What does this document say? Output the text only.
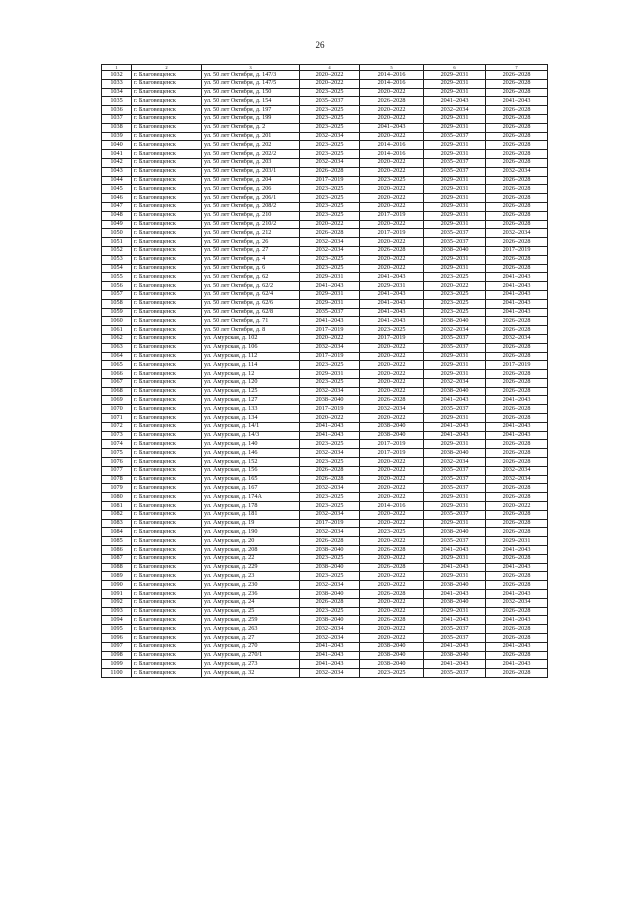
26
1	2	3	4	5	6	7
1032	г. Благовещенск	ул. 50 лет Октября, д. 147/3	2020–2022	2014–2016	2029–2031	2026–2028
1033	г. Благовещенск	ул. 50 лет Октября, д. 147/5	2020–2022	2014–2016	2029–2031	2026–2028
1034	г. Благовещенск	ул. 50 лет Октября, д. 150	2023–2025	2020–2022	2029–2031	2026–2028
1035	г. Благовещенск	ул. 50 лет Октября, д. 154	2035–2037	2026–2028	2041–2043	2041–2043
1036	г. Благовещенск	ул. 50 лет Октября, д. 197	2023–2025	2020–2022	2032–2034	2026–2028
1037	г. Благовещенск	ул. 50 лет Октября, д. 199	2023–2025	2020–2022	2029–2031	2026–2028
1038	г. Благовещенск	ул. 50 лет Октября, д. 2	2023–2025	2041–2043	2029–2031	2026–2028
1039	г. Благовещенск	ул. 50 лет Октября, д. 201	2032–2034	2020–2022	2035–2037	2026–2028
1040	г. Благовещенск	ул. 50 лет Октября, д. 202	2023–2025	2014–2016	2029–2031	2026–2028
1041	г. Благовещенск	ул. 50 лет Октября, д. 202/2	2023–2025	2014–2016	2029–2031	2026–2028
1042	г. Благовещенск	ул. 50 лет Октября, д. 203	2032–2034	2020–2022	2035–2037	2026–2028
1043	г. Благовещенск	ул. 50 лет Октября, д. 203/1	2026–2028	2020–2022	2035–2037	2032–2034
1044	г. Благовещенск	ул. 50 лет Октября, д. 204	2017–2019	2023–2025	2029–2031	2026–2028
1045	г. Благовещенск	ул. 50 лет Октября, д. 206	2023–2025	2020–2022	2029–2031	2026–2028
1046	г. Благовещенск	ул. 50 лет Октября, д. 206/1	2023–2025	2020–2022	2029–2031	2026–2028
1047	г. Благовещенск	ул. 50 лет Октября, д. 208/2	2023–2025	2020–2022	2029–2031	2026–2028
1048	г. Благовещенск	ул. 50 лет Октября, д. 210	2023–2025	2017–2019	2029–2031	2026–2028
1049	г. Благовещенск	ул. 50 лет Октября, д. 210/2	2020–2022	2020–2022	2029–2031	2026–2028
1050	г. Благовещенск	ул. 50 лет Октября, д. 212	2026–2028	2017–2019	2035–2037	2032–2034
1051	г. Благовещенск	ул. 50 лет Октября, д. 26	2032–2034	2020–2022	2035–2037	2026–2028
1052	г. Благовещенск	ул. 50 лет Октября, д. 27	2032–2034	2026–2028	2038–2040	2017–2019
1053	г. Благовещенск	ул. 50 лет Октября, д. 4	2023–2025	2020–2022	2029–2031	2026–2028
1054	г. Благовещенск	ул. 50 лет Октября, д. 6	2023–2025	2020–2022	2029–2031	2026–2028
1055	г. Благовещенск	ул. 50 лет Октября, д. 62	2029–2031	2041–2043	2023–2025	2041–2043
1056	г. Благовещенск	ул. 50 лет Октября, д. 62/2	2041–2043	2029–2031	2020–2022	2041–2043
1057	г. Благовещенск	ул. 50 лет Октября, д. 62/4	2029–2031	2041–2043	2023–2025	2041–2043
1058	г. Благовещенск	ул. 50 лет Октября, д. 62/6	2029–2031	2041–2043	2023–2025	2041–2043
1059	г. Благовещенск	ул. 50 лет Октября, д. 62/8	2035–2037	2041–2043	2023–2025	2041–2043
1060	г. Благовещенск	ул. 50 лет Октября, д. 71	2041–2043	2041–2043	2038–2040	2026–2028
1061	г. Благовещенск	ул. 50 лет Октября, д. 8	2017–2019	2023–2025	2032–2034	2026–2028
1062	г. Благовещенск	ул. Амурская, д. 102	2020–2022	2017–2019	2035–2037	2032–2034
1063	г. Благовещенск	ул. Амурская, д. 106	2032–2034	2020–2022	2035–2037	2026–2028
1064	г. Благовещенск	ул. Амурская, д. 112	2017–2019	2020–2022	2029–2031	2026–2028
1065	г. Благовещенск	ул. Амурская, д. 114	2023–2025	2020–2022	2029–2031	2017–2019
1066	г. Благовещенск	ул. Амурская, д. 12	2029–2031	2020–2022	2029–2031	2026–2028
1067	г. Благовещенск	ул. Амурская, д. 120	2023–2025	2020–2022	2032–2034	2026–2028
1068	г. Благовещенск	ул. Амурская, д. 125	2032–2034	2020–2022	2038–2040	2026–2028
1069	г. Благовещенск	ул. Амурская, д. 127	2038–2040	2026–2028	2041–2043	2041–2043
1070	г. Благовещенск	ул. Амурская, д. 133	2017–2019	2032–2034	2035–2037	2026–2028
1071	г. Благовещенск	ул. Амурская, д. 134	2020–2022	2020–2022	2029–2031	2026–2028
1072	г. Благовещенск	ул. Амурская, д. 14/1	2041–2043	2038–2040	2041–2043	2041–2043
1073	г. Благовещенск	ул. Амурская, д. 14/3	2041–2043	2038–2040	2041–2043	2041–2043
1074	г. Благовещенск	ул. Амурская, д. 140	2023–2025	2017–2019	2029–2031	2026–2028
1075	г. Благовещенск	ул. Амурская, д. 146	2032–2034	2017–2019	2038–2040	2026–2028
1076	г. Благовещенск	ул. Амурская, д. 152	2023–2025	2020–2022	2032–2034	2026–2028
1077	г. Благовещенск	ул. Амурская, д. 156	2026–2028	2020–2022	2035–2037	2032–2034
1078	г. Благовещенск	ул. Амурская, д. 165	2026–2028	2020–2022	2035–2037	2032–2034
1079	г. Благовещенск	ул. Амурская, д. 167	2032–2034	2020–2022	2035–2037	2026–2028
1080	г. Благовещенск	ул. Амурская, д. 174А	2023–2025	2020–2022	2029–2031	2026–2028
1081	г. Благовещенск	ул. Амурская, д. 178	2023–2025	2014–2016	2029–2031	2020–2022
1082	г. Благовещенск	ул. Амурская, д. 181	2032–2034	2020–2022	2035–2037	2026–2028
1083	г. Благовещенск	ул. Амурская, д. 19	2017–2019	2020–2022	2029–2031	2026–2028
1084	г. Благовещенск	ул. Амурская, д. 190	2032–2034	2023–2025	2038–2040	2026–2028
1085	г. Благовещенск	ул. Амурская, д. 20	2026–2028	2020–2022	2035–2037	2029–2031
1086	г. Благовещенск	ул. Амурская, д. 208	2038–2040	2026–2028	2041–2043	2041–2043
1087	г. Благовещенск	ул. Амурская, д. 22	2023–2025	2020–2022	2029–2031	2026–2028
1088	г. Благовещенск	ул. Амурская, д. 229	2038–2040	2026–2028	2041–2043	2041–2043
1089	г. Благовещенск	ул. Амурская, д. 23	2023–2025	2020–2022	2029–2031	2026–2028
1090	г. Благовещенск	ул. Амурская, д. 230	2032–2034	2020–2022	2038–2040	2026–2028
1091	г. Благовещенск	ул. Амурская, д. 236	2038–2040	2026–2028	2041–2043	2041–2043
1092	г. Благовещенск	ул. Амурская, д. 24	2026–2028	2020–2022	2038–2040	2032–2034
1093	г. Благовещенск	ул. Амурская, д. 25	2023–2025	2020–2022	2029–2031	2026–2028
1094	г. Благовещенск	ул. Амурская, д. 259	2038–2040	2026–2028	2041–2043	2041–2043
1095	г. Благовещенск	ул. Амурская, д. 263	2032–2034	2020–2022	2035–2037	2026–2028
1096	г. Благовещенск	ул. Амурская, д. 27	2032–2034	2020–2022	2035–2037	2026–2028
1097	г. Благовещенск	ул. Амурская, д. 270	2041–2043	2038–2040	2041–2043	2041–2043
1098	г. Благовещенск	ул. Амурская, д. 270/1	2041–2043	2038–2040	2038–2040	2026–2028
1099	г. Благовещенск	ул. Амурская, д. 273	2041–2043	2038–2040	2041–2043	2041–2043
1100	г. Благовещенск	ул. Амурская, д. 32	2032–2034	2023–2025	2035–2037	2026–2028
